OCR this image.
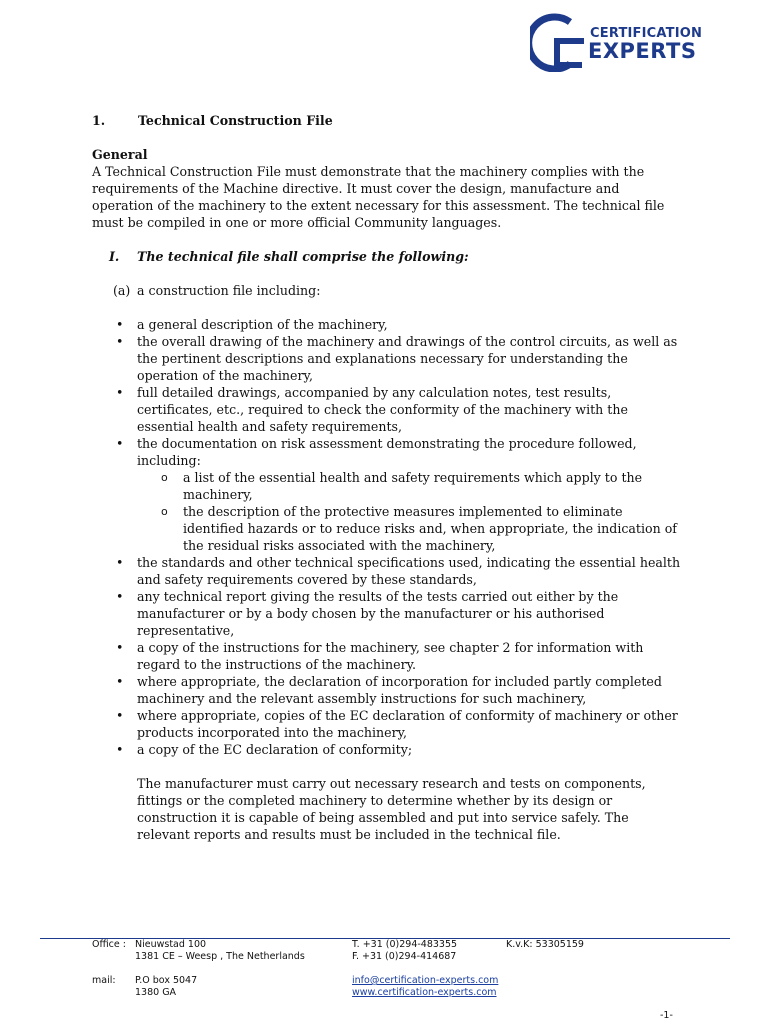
CERTIFICATION
EXPERTS
1.	Technical Construction File
General

A Technical Construction File must demonstrate that the machinery complies with the requirements of the Machine directive. It must cover the design, manufacture and operation of the machinery to the extent necessary for this assessment. The technical file must be compiled in one or more official Community languages.

I. The technical file shall comprise the following:
(a) a construction file including:
• a general description of the machinery,
• the overall drawing of the machinery and drawings of the control circuits, as well as the pertinent descriptions and explanations necessary for understanding the operation of the machinery,
• full detailed drawings, accompanied by any calculation notes, test results, certificates, etc., required to check the conformity of the machinery with the essential health and safety requirements,
• the documentation on risk assessment demonstrating the procedure followed, including:
o a list of the essential health and safety requirements which apply to the machinery,
o the description of the protective measures implemented to eliminate identified hazards or to reduce risks and, when appropriate, the indication of the residual risks associated with the machinery,
• the standards and other technical specifications used, indicating the essential health and safety requirements covered by these standards,
• any technical report giving the results of the tests carried out either by the manufacturer or by a body chosen by the manufacturer or his authorised representative,
• a copy of the instructions for the machinery, see chapter 2 for information with regard to the instructions of the machinery.
• where appropriate, the declaration of incorporation for included partly completed machinery and the relevant assembly instructions for such machinery,
• where appropriate, copies of the EC declaration of conformity of machinery or other products incorporated into the machinery,
• a copy of the EC declaration of conformity;

The manufacturer must carry out necessary research and tests on components, fittings or the completed machinery to determine whether by its design or construction it is capable of being assembled and put into service safely. The relevant reports and results must be included in the technical file.

Office : Nieuwstad 100	T. +31 (0)294-483355	K.v.K: 53305159
1381 CE – Weesp , The Netherlands	F. +31 (0)294-414687
mail: P.O box 5047	info@certification-experts.com
1380 GA	www.certification-experts.com
-1-
